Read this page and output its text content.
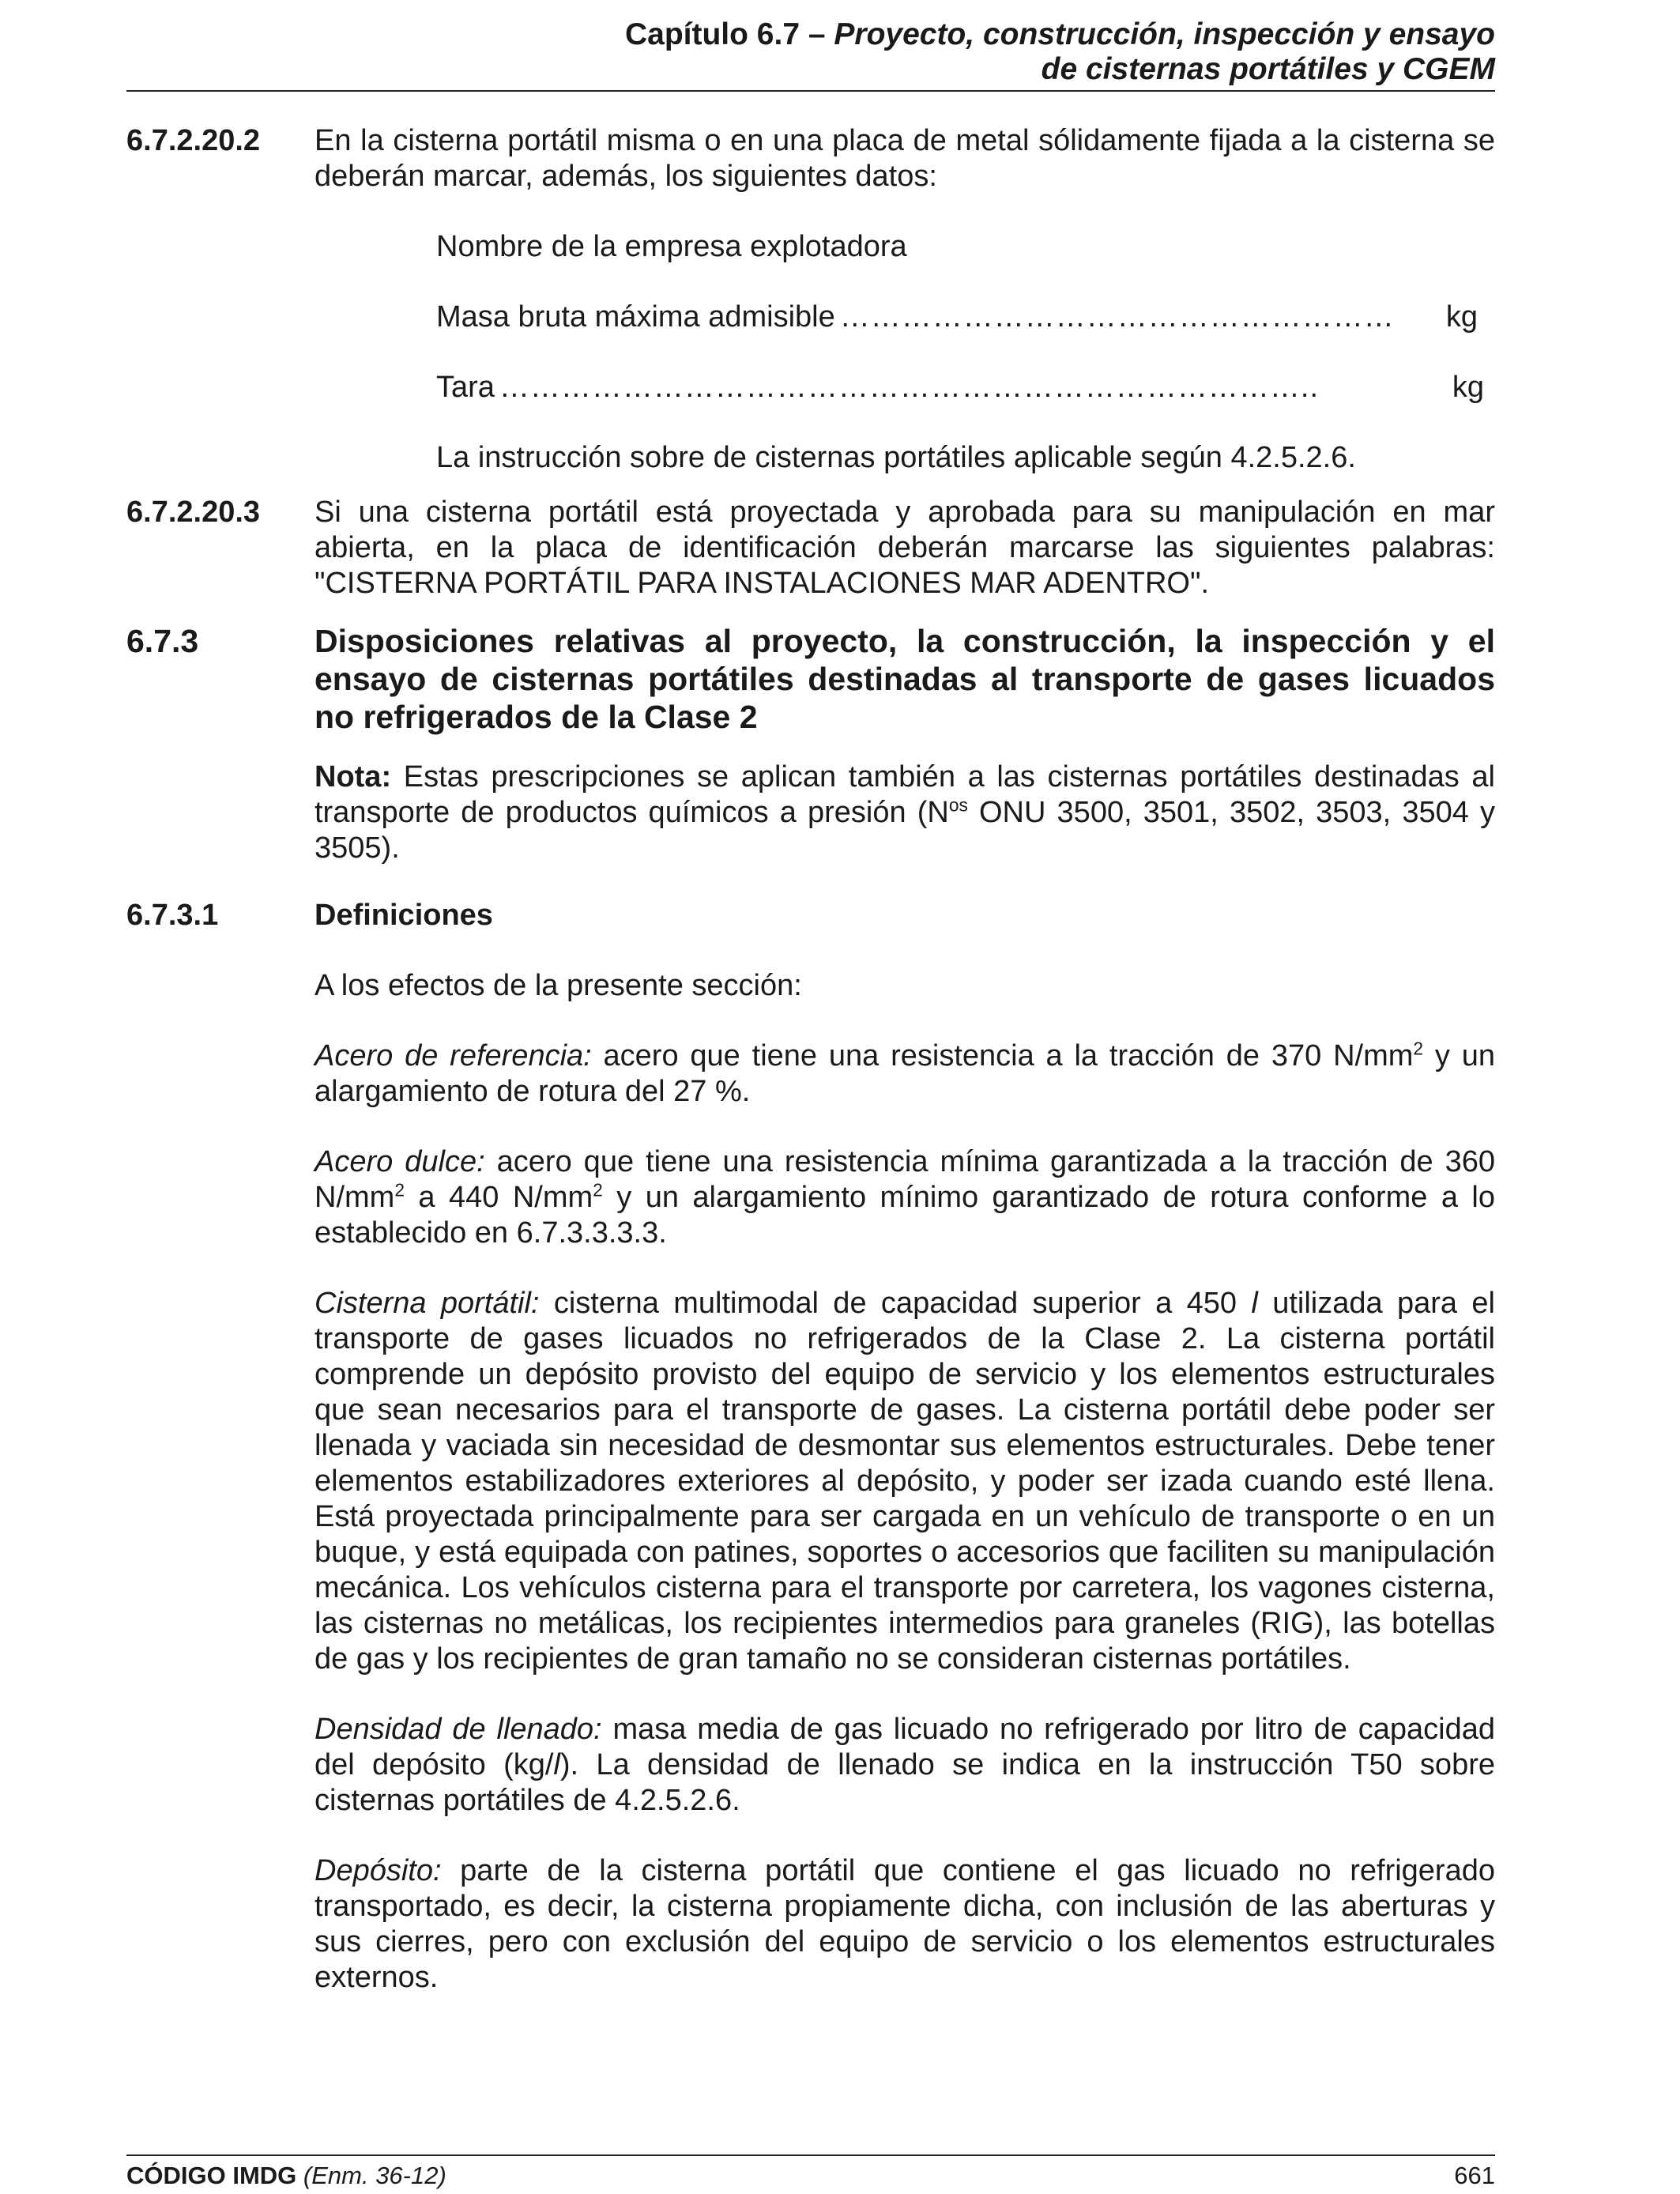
Capítulo 6.7 – Proyecto, construcción, inspección y ensayo
de cisternas portátiles y CGEM
6.7.2.20.2	En la cisterna portátil misma o en una placa de metal sólidamente fijada a la cisterna se deberán marcar, además, los siguientes datos:

Nombre de la empresa explotadora
Masa bruta máxima admisible ………………………………………………	kg
Tara ……………………………………………………………………..	kg
La instrucción sobre de cisternas portátiles aplicable según 4.2.5.2.6.
6.7.2.20.3	Si una cisterna portátil está proyectada y aprobada para su manipulación en mar abierta, en la placa de identificación deberán marcarse las siguientes palabras: "CISTERNA PORTÁTIL PARA INSTALACIONES MAR ADENTRO".

6.7.3	Disposiciones relativas al proyecto, la construcción, la inspección y el ensayo de cisternas portátiles destinadas al transporte de gases licuados no refrigerados de la Clase 2

Nota: Estas prescripciones se aplican también a las cisternas portátiles destinadas al transporte de productos químicos a presión ($N^{os}$ ONU 3500, 3501, 3502, 3503, 3504 y 3505).

6.7.3.1	Definiciones

A los efectos de la presente sección:

Acero de referencia: acero que tiene una resistencia a la tracción de 370 $N/mm^2$ y un alargamiento de rotura del 27 %.

Acero dulce: acero que tiene una resistencia mínima garantizada a la tracción de 360 $N/mm^2$ a 440 $N/mm^2$ y un alargamiento mínimo garantizado de rotura conforme a lo establecido en 6.7.3.3.3.3.

Cisterna portátil: cisterna multimodal de capacidad superior a 450 l utilizada para el transporte de gases licuados no refrigerados de la Clase 2. La cisterna portátil comprende un depósito provisto del equipo de servicio y los elementos estructurales que sean necesarios para el transporte de gases. La cisterna portátil debe poder ser llenada y vaciada sin necesidad de desmontar sus elementos estructurales. Debe tener elementos estabilizadores exteriores al depósito, y poder ser izada cuando esté llena. Está proyectada principalmente para ser cargada en un vehículo de transporte o en un buque, y está equipada con patines, soportes o accesorios que faciliten su manipulación mecánica. Los vehículos cisterna para el transporte por carretera, los vagones cisterna, las cisternas no metálicas, los recipientes intermedios para graneles (RIG), las botellas de gas y los recipientes de gran tamaño no se consideran cisternas portátiles.

Densidad de llenado: masa media de gas licuado no refrigerado por litro de capacidad del depósito (kg/l). La densidad de llenado se indica en la instrucción T50 sobre cisternas portátiles de 4.2.5.2.6.

Depósito: parte de la cisterna portátil que contiene el gas licuado no refrigerado transportado, es decir, la cisterna propiamente dicha, con inclusión de las aberturas y sus cierres, pero con exclusión del equipo de servicio o los elementos estructurales externos.

CÓDIGO IMDG (Enm. 36-12)	661
